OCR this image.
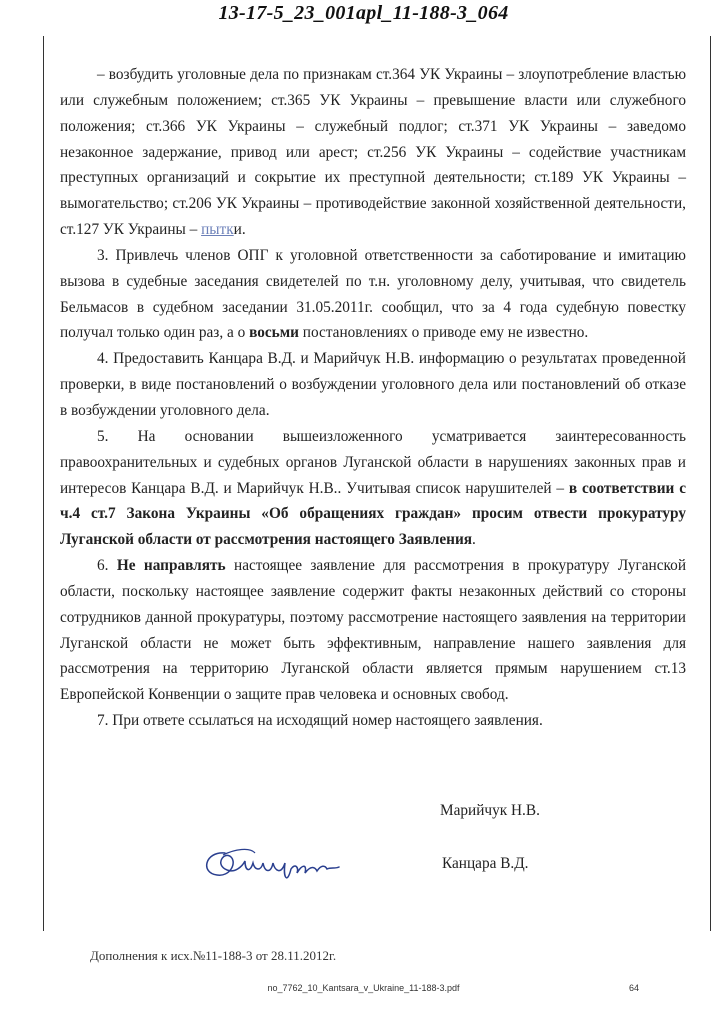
13-17-5_23_001apl_11-188-3_064

– возбудить уголовные дела по признакам ст.364 УК Украины – злоупотребление властью или служебным положением; ст.365 УК Украины – превышение власти или служебного положения; ст.366 УК Украины – служебный подлог; ст.371 УК Украины – заведомо незаконное задержание, привод или арест; ст.256 УК Украины – содействие участникам преступных организаций и сокрытие их преступной деятельности; ст.189 УК Украины – вымогательство; ст.206 УК Украины – противодействие законной хозяйственной деятельности, ст.127 УК Украины – пытки.

3. Привлечь членов ОПГ к уголовной ответственности за саботирование и имитацию вызова в судебные заседания свидетелей по т.н. уголовному делу, учитывая, что свидетель Бельмасов в судебном заседании 31.05.2011г. сообщил, что за 4 года судебную повестку получал только один раз, а о восьми постановлениях о приводе ему не известно.

4. Предоставить Канцара В.Д. и Марийчук Н.В. информацию о результатах проведенной проверки, в виде постановлений о возбуждении уголовного дела или постановлений об отказе в возбуждении уголовного дела.

5. На основании вышеизложенного усматривается заинтересованность правоохранительных и судебных органов Луганской области в нарушениях законных прав и интересов Канцара В.Д. и Марийчук Н.В.. Учитывая список нарушителей – в соответствии с ч.4 ст.7 Закона Украины «Об обращениях граждан» просим отвести прокуратуру Луганской области от рассмотрения настоящего Заявления.

6. Не направлять настоящее заявление для рассмотрения в прокуратуру Луганской области, поскольку настоящее заявление содержит факты незаконных действий со стороны сотрудников данной прокуратуры, поэтому рассмотрение настоящего заявления на территории Луганской области не может быть эффективным, направление нашего заявления для рассмотрения на территорию Луганской области является прямым нарушением ст.13 Европейской Конвенции о защите прав человека и основных свобод.

7. При ответе ссылаться на исходящий номер настоящего заявления.

Марийчук Н.В.
Канцара В.Д.
Дополнения к исх.№11-188-3 от 28.11.2012г.
no_7762_10_Kantsara_v_Ukraine_11-188-3.pdf	64
